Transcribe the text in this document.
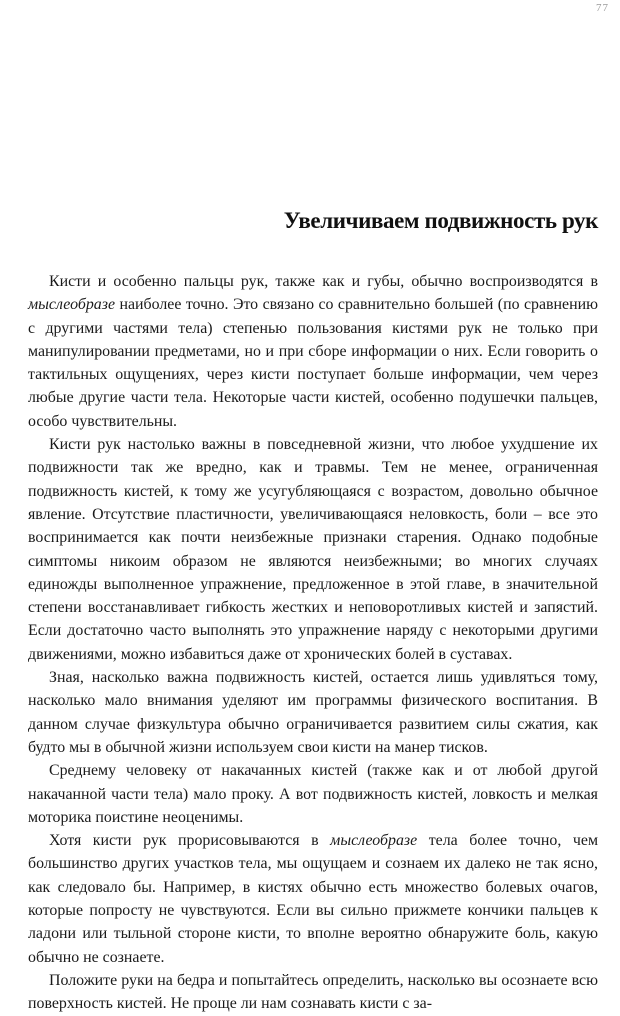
77
Увеличиваем подвижность рук

Кисти и особенно пальцы рук, также как и губы, обычно воспроизводятся в мыслеобразе наиболее точно. Это связано со сравнительно большей (по сравнению с другими частями тела) степенью пользования кистями рук не только при манипулировании предметами, но и при сборе информации о них. Если говорить о тактильных ощущениях, через кисти поступает больше информации, чем через любые другие части тела. Некоторые части кистей, особенно подушечки пальцев, особо чувствительны.

Кисти рук настолько важны в повседневной жизни, что любое ухудшение их подвижности так же вредно, как и травмы. Тем не менее, ограниченная подвижность кистей, к тому же усугубляющаяся с возрастом, довольно обычное явление. Отсутствие пластичности, увеличивающаяся неловкость, боли – все это воспринимается как почти неизбежные признаки старения. Однако подобные симптомы никоим образом не являются неизбежными; во многих случаях единожды выполненное упражнение, предложенное в этой главе, в значительной степени восстанавливает гибкость жестких и неповоротливых кистей и запястий. Если достаточно часто выполнять это упражнение наряду с некоторыми другими движениями, можно избавиться даже от хронических болей в суставах.

Зная, насколько важна подвижность кистей, остается лишь удивляться тому, насколько мало внимания уделяют им программы физического воспитания. В данном случае физкультура обычно ограничивается развитием силы сжатия, как будто мы в обычной жизни используем свои кисти на манер тисков.

Среднему человеку от накачанных кистей (также как и от любой другой накачанной части тела) мало проку. А вот подвижность кистей, ловкость и мелкая моторика поистине неоценимы.

Хотя кисти рук прорисовываются в мыслеобразе тела более точно, чем большинство других участков тела, мы ощущаем и сознаем их далеко не так ясно, как следовало бы. Например, в кистях обычно есть множество болевых очагов, которые попросту не чувствуются. Если вы сильно прижмете кончики пальцев к ладони или тыльной стороне кисти, то вполне вероятно обнаружите боль, какую обычно не сознаете.

Положите руки на бедра и попытайтесь определить, насколько вы осознаете всю поверхность кистей. Не проще ли нам сознавать кисти с за-
